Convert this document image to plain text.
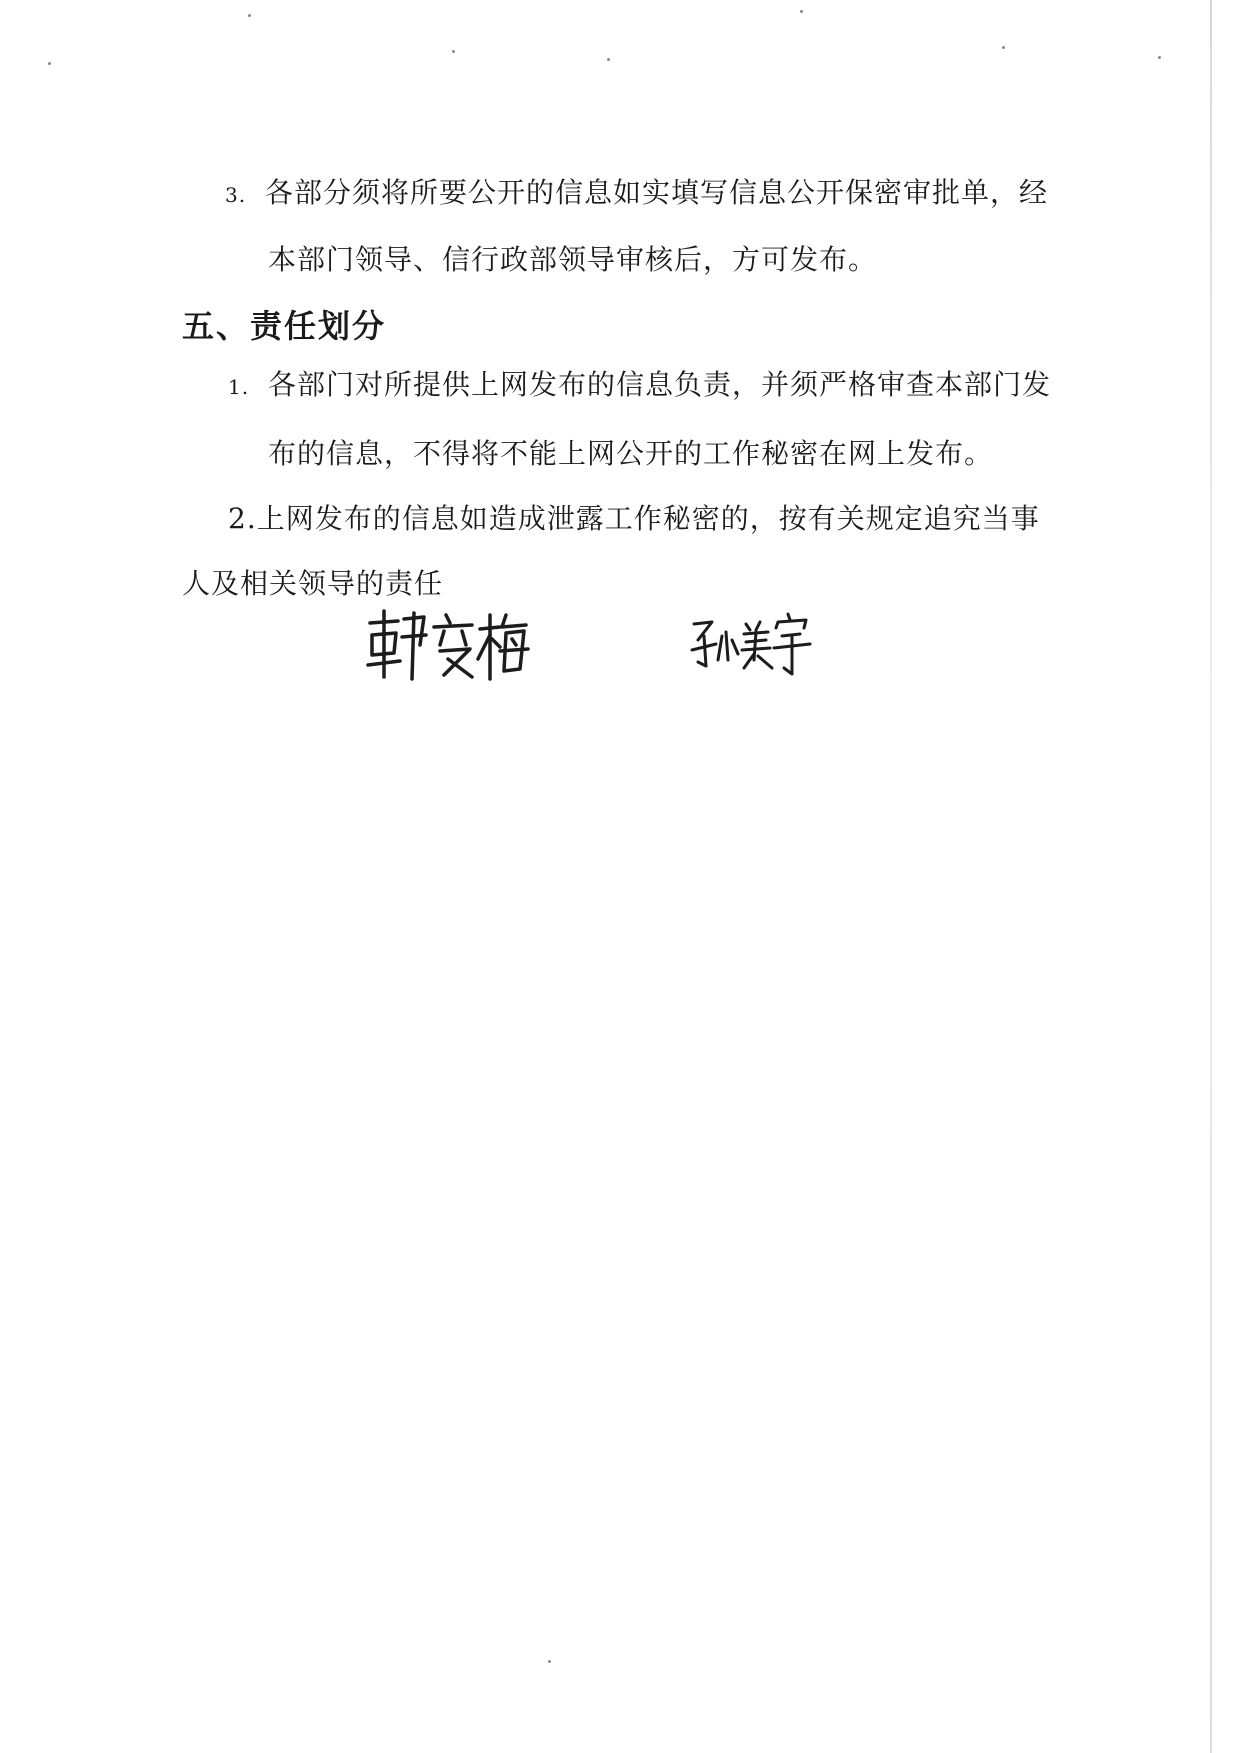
3. 各部分须将所要公开的信息如实填写信息公开保密审批单，经
本部门领导、信行政部领导审核后，方可发布。
五、责任划分
1. 各部门对所提供上网发布的信息负责，并须严格审查本部门发
布的信息，不得将不能上网公开的工作秘密在网上发布。
2.上网发布的信息如造成泄露工作秘密的，按有关规定追究当事
人及相关领导的责任
